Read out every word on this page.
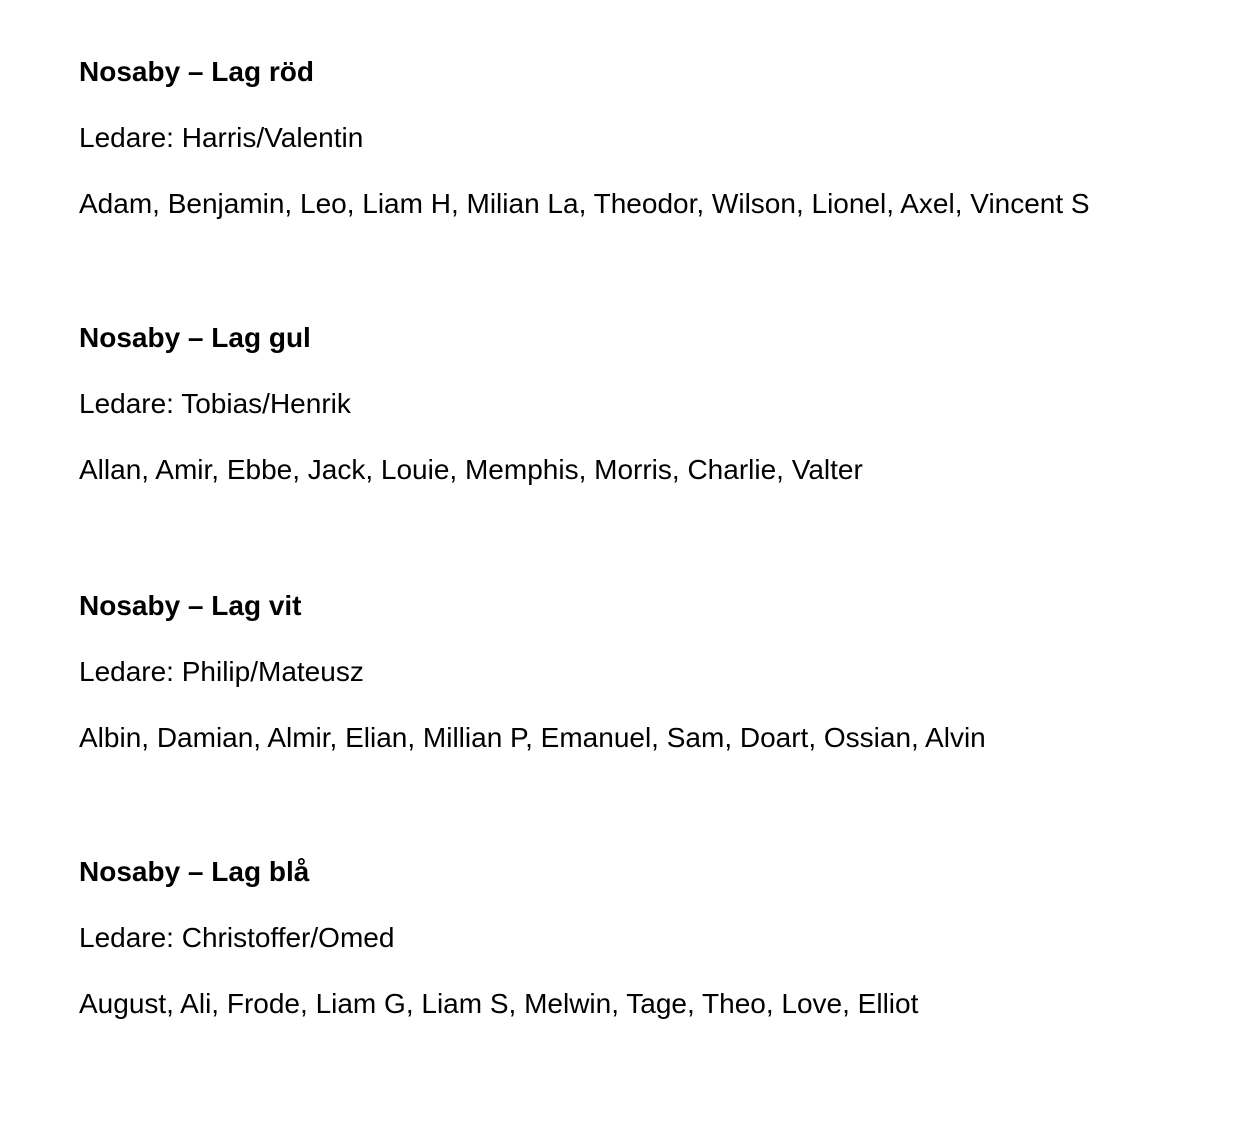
Nosaby – Lag röd

Ledare: Harris/Valentin

Adam, Benjamin, Leo, Liam H, Milian La, Theodor, Wilson, Lionel, Axel, Vincent S

Nosaby – Lag gul

Ledare: Tobias/Henrik

Allan, Amir, Ebbe, Jack, Louie, Memphis, Morris, Charlie, Valter

Nosaby – Lag vit

Ledare: Philip/Mateusz

Albin, Damian, Almir, Elian, Millian P, Emanuel, Sam, Doart, Ossian, Alvin

Nosaby – Lag blå

Ledare: Christoffer/Omed

August, Ali, Frode, Liam G, Liam S, Melwin, Tage, Theo, Love, Elliot
